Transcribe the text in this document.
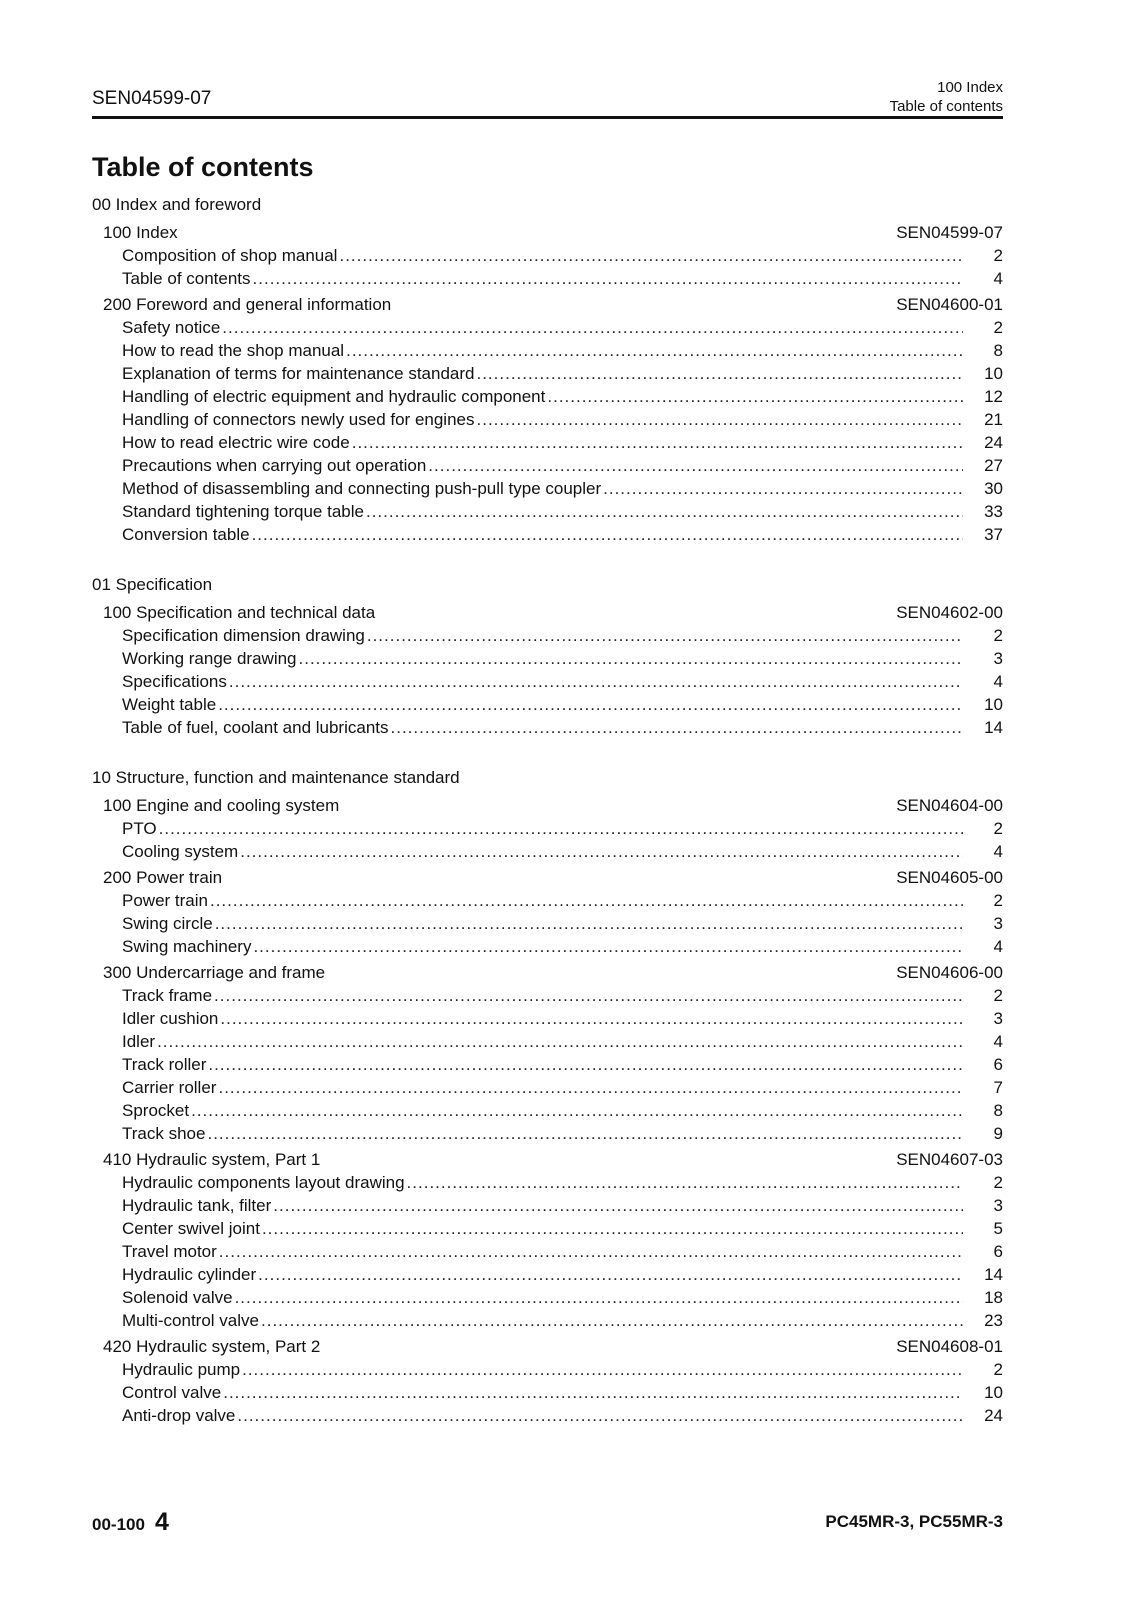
SEN04599-07
100 Index
Table of contents
Table of contents
00 Index and foreword
100 Index	SEN04599-07
Composition of shop manual .....	2
Table of contents .....	4
200 Foreword and general information	SEN04600-01
Safety notice .....	2
How to read the shop manual .....	8
Explanation of terms for maintenance standard .....	10
Handling of electric equipment and hydraulic component .....	12
Handling of connectors newly used for engines .....	21
How to read electric wire code .....	24
Precautions when carrying out operation .....	27
Method of disassembling and connecting push-pull type coupler .....	30
Standard tightening torque table .....	33
Conversion table .....	37
01 Specification
100 Specification and technical data	SEN04602-00
Specification dimension drawing .....	2
Working range drawing .....	3
Specifications .....	4
Weight table .....	10
Table of fuel, coolant and lubricants .....	14
10 Structure, function and maintenance standard
100 Engine and cooling system	SEN04604-00
PTO .....	2
Cooling system .....	4
200 Power train	SEN04605-00
Power train .....	2
Swing circle .....	3
Swing machinery .....	4
300 Undercarriage and frame	SEN04606-00
Track frame .....	2
Idler cushion .....	3
Idler .....	4
Track roller .....	6
Carrier roller .....	7
Sprocket .....	8
Track shoe .....	9
410 Hydraulic system, Part 1	SEN04607-03
Hydraulic components layout drawing .....	2
Hydraulic tank, filter .....	3
Center swivel joint .....	5
Travel motor .....	6
Hydraulic cylinder .....	14
Solenoid valve .....	18
Multi-control valve .....	23
420 Hydraulic system, Part 2	SEN04608-01
Hydraulic pump .....	2
Control valve .....	10
Anti-drop valve .....	24
00-100 4	PC45MR-3, PC55MR-3
